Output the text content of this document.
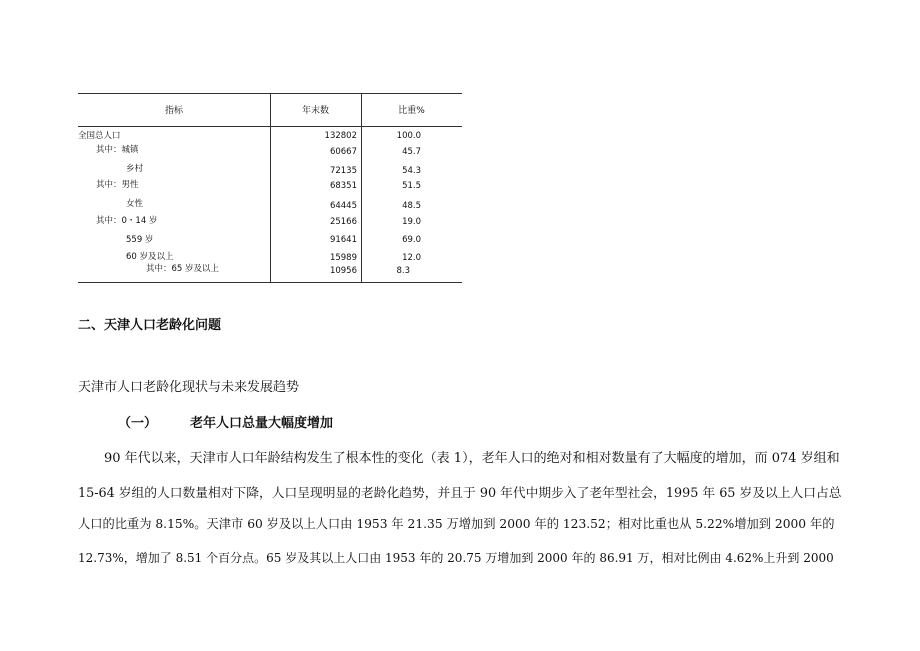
指标	年末数	比重%
全国总人口	132802	100.0
其中：城镇	60667	45.7
乡村	72135	54.3
其中：男性	68351	51.5
女性	64445	48.5
其中：0・14 岁	25166	19.0
559 岁	91641	69.0
60 岁及以上	15989	12.0
其中：65 岁及以上	10956	8.3
二、天津人口老龄化问题
天津市人口老龄化现状与未来发展趋势
（一）	老年人口总量大幅度增加
90 年代以来，天津市人口年龄结构发生了根本性的变化（表 1），老年人口的绝对和相对数量有了大幅度的增加，而 074 岁组和
15-64 岁组的人口数量相对下降，人口呈现明显的老龄化趋势，并且于 90 年代中期步入了老年型社会，1995 年 65 岁及以上人口占总
人口的比重为 8.15%。天津市 60 岁及以上人口由 1953 年 21.35 万增加到 2000 年的 123.52；相对比重也从 5.22%增加到 2000 年的
12.73%，增加了 8.51 个百分点。65 岁及其以上人口由 1953 年的 20.75 万增加到 2000 年的 86.91 万，相对比例由 4.62%上升到 2000
